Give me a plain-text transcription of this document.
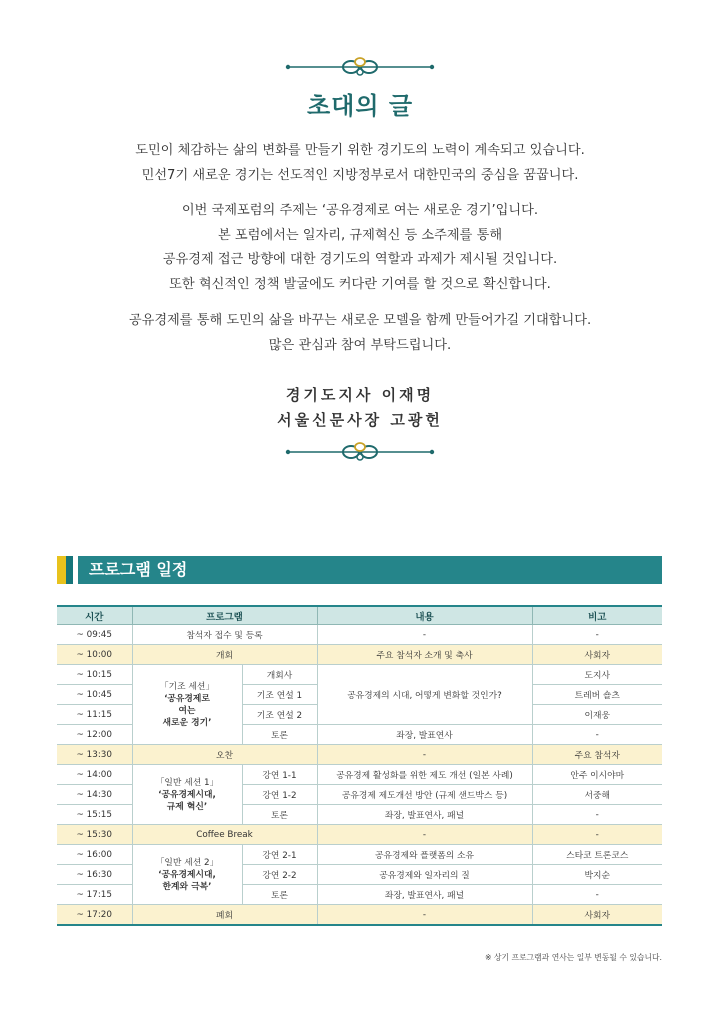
초대의 글
도민이 체감하는 삶의 변화를 만들기 위한 경기도의 노력이 계속되고 있습니다.
민선7기 새로운 경기는 선도적인 지방정부로서 대한민국의 중심을 꿈꿉니다.
이번 국제포럼의 주제는 ‘공유경제로 여는 새로운 경기’입니다.
본 포럼에서는 일자리, 규제혁신 등 소주제를 통해
공유경제 접근 방향에 대한 경기도의 역할과 과제가 제시될 것입니다.
또한 혁신적인 정책 발굴에도 커다란 기여를 할 것으로 확신합니다.
공유경제를 통해 도민의 삶을 바꾸는 새로운 모델을 함께 만들어가길 기대합니다.
많은 관심과 참여 부탁드립니다.
경기도지사 이재명
서울신문사장 고광헌
프로그램 일정
시간	프로그램		내용	비고
~ 09:45	참석자 접수 및 등록		-	-
~ 10:00	개회		주요 참석자 소개 및 축사	사회자
~ 10:15	「기조 세션」
‘공유경제로
여는
새로운 경기’	개회사	공유경제의 시대, 어떻게 변화할 것인가?	도지사
~ 10:45		기조 연설 1		트레버 숄츠
~ 11:15		기조 연설 2		이재웅
~ 12:00		토론	좌장, 발표연사	-
~ 13:30	오찬		-	주요 참석자
~ 14:00	「일반 세션 1」
‘공유경제시대,
규제 혁신’	강연 1-1	공유경제 활성화를 위한 제도 개선 (일본 사례)	안주 이시야마
~ 14:30		강연 1-2	공유경제 제도개선 방안 (규제 샌드박스 등)	서중해
~ 15:15		토론	좌장, 발표연사, 패널	-
~ 15:30	Coffee Break		-	-
~ 16:00	「일반 세션 2」
‘공유경제시대,
한계와 극복’	강연 2-1	공유경제와 플랫폼의 소유	스타코 트론코스
~ 16:30		강연 2-2	공유경제와 일자리의 질	박지순
~ 17:15		토론	좌장, 발표연사, 패널	-
~ 17:20	폐회		-	사회자
※ 상기 프로그램과 연사는 일부 변동될 수 있습니다.
